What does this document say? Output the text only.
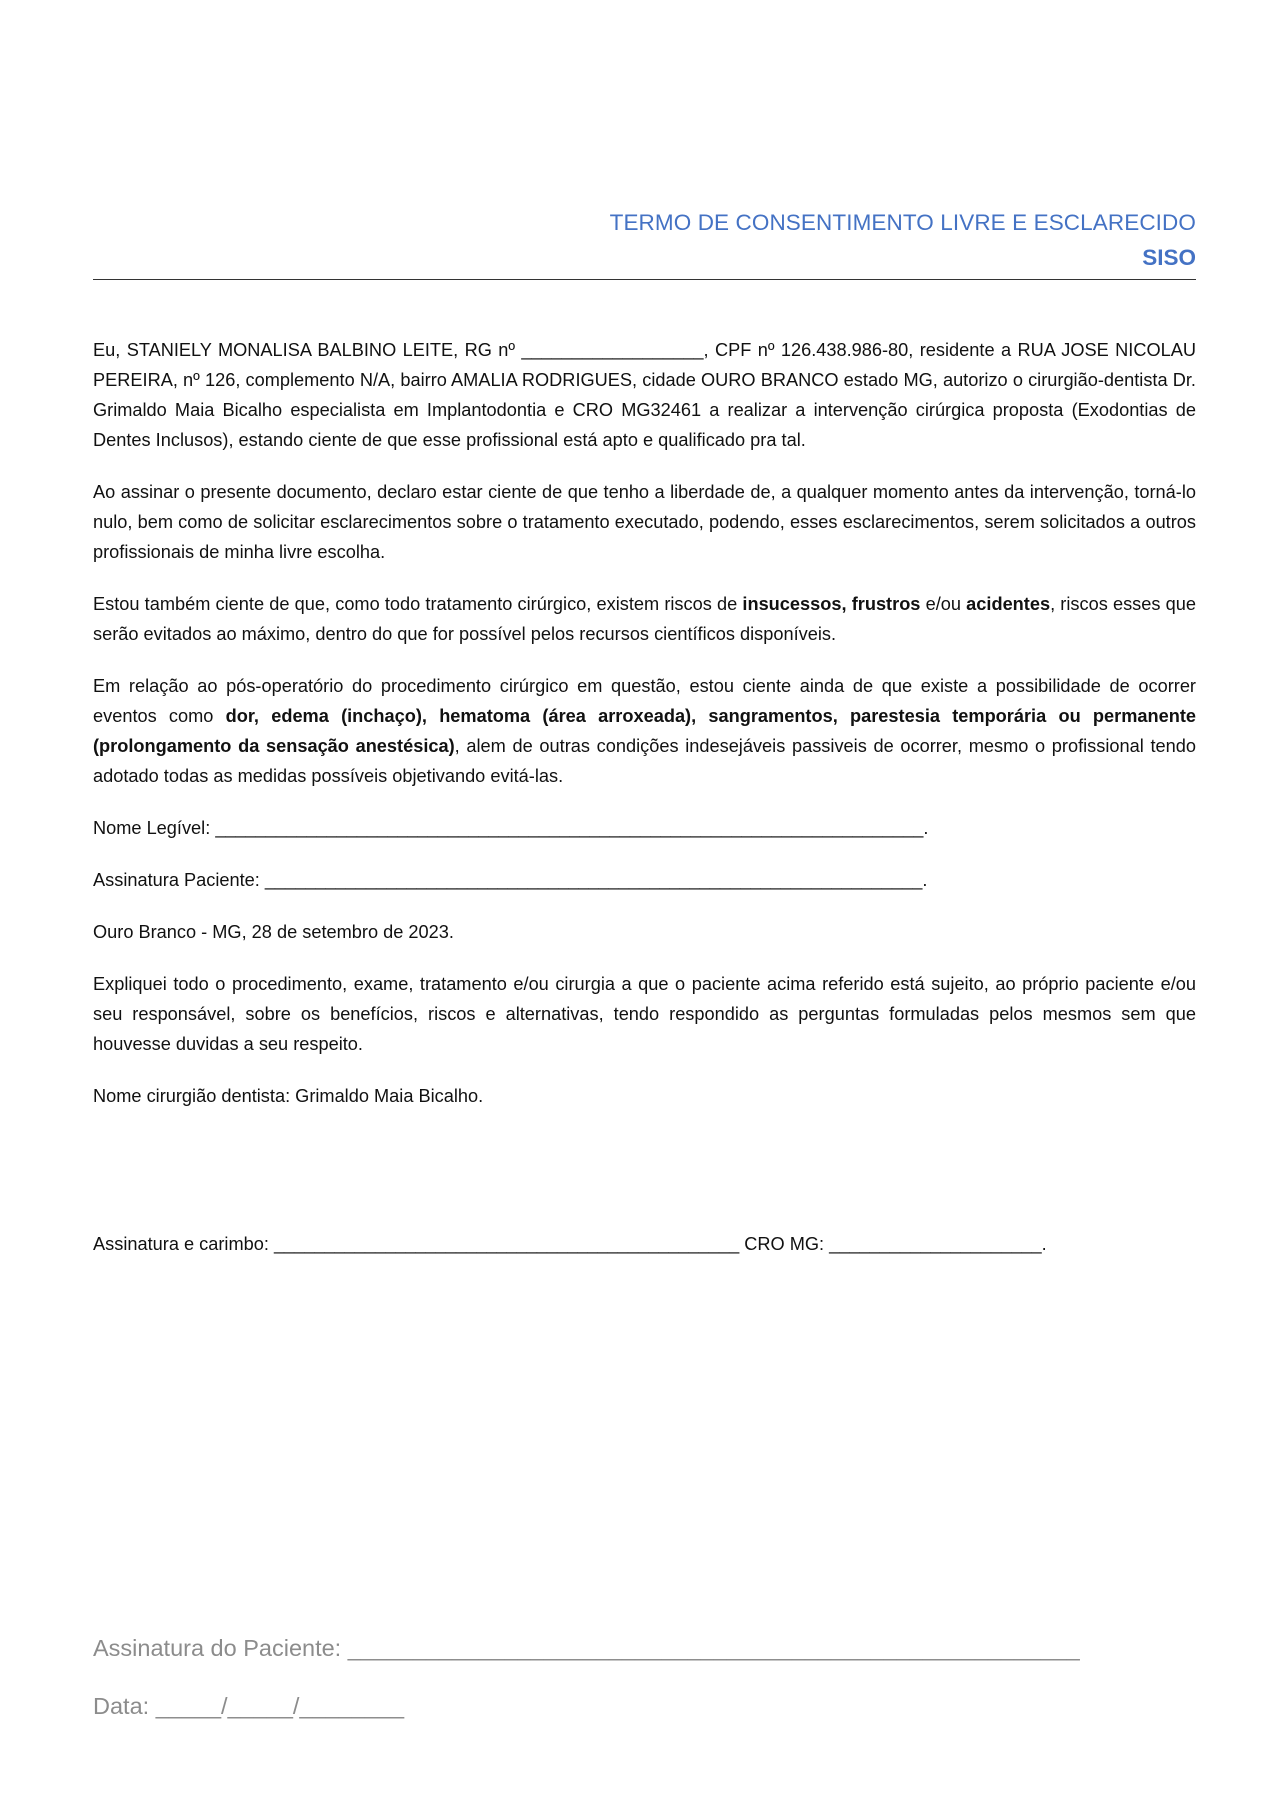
TERMO DE CONSENTIMENTO LIVRE E ESCLARECIDO
SISO

Eu, STANIELY MONALISA BALBINO LEITE, RG nº __________________, CPF nº 126.438.986-80, residente a RUA JOSE NICOLAU PEREIRA, nº 126, complemento N/A, bairro AMALIA RODRIGUES, cidade OURO BRANCO estado MG, autorizo o cirurgião-dentista Dr. Grimaldo Maia Bicalho especialista em Implantodontia e CRO MG32461 a realizar a intervenção cirúrgica proposta (Exodontias de Dentes Inclusos), estando ciente de que esse profissional está apto e qualificado pra tal.

Ao assinar o presente documento, declaro estar ciente de que tenho a liberdade de, a qualquer momento antes da intervenção, torná-lo nulo, bem como de solicitar esclarecimentos sobre o tratamento executado, podendo, esses esclarecimentos, serem solicitados a outros profissionais de minha livre escolha.

Estou também ciente de que, como todo tratamento cirúrgico, existem riscos de insucessos, frustros e/ou acidentes, riscos esses que serão evitados ao máximo, dentro do que for possível pelos recursos científicos disponíveis.

Em relação ao pós-operatório do procedimento cirúrgico em questão, estou ciente ainda de que existe a possibilidade de ocorrer eventos como dor, edema (inchaço), hematoma (área arroxeada), sangramentos, parestesia temporária ou permanente (prolongamento da sensação anestésica), alem de outras condições indesejáveis passiveis de ocorrer, mesmo o profissional tendo adotado todas as medidas possíveis objetivando evitá-las.

Nome Legível: ______________________________________________________________________.
Assinatura Paciente: _________________________________________________________________.

Ouro Branco - MG, 28 de setembro de 2023.

Expliquei todo o procedimento, exame, tratamento e/ou cirurgia a que o paciente acima referido está sujeito, ao próprio paciente e/ou seu responsável, sobre os benefícios, riscos e alternativas, tendo respondido as perguntas formuladas pelos mesmos sem que houvesse duvidas a seu respeito.

Nome cirurgião dentista: Grimaldo Maia Bicalho.

Assinatura e carimbo: ______________________________________________ CRO MG: _____________________.
Assinatura do Paciente: ________________________________________________________
Data: _____/_____/________
